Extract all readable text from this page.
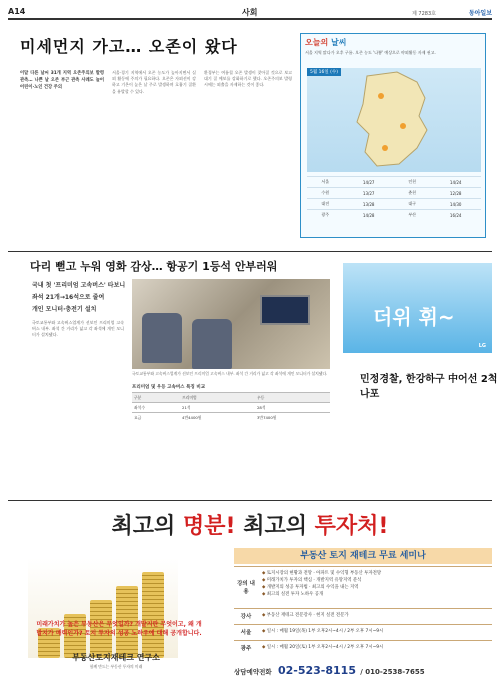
A14	사회	제 7283호	동아일보
미세먼지 가고… 오존이 왔다
이달 다른 날씨 31개 지역 오존주의보 발령 관측… 나쁜 날 오존 부근 관측 사례도 늘어 어린이·노인 건강 주의
서울·경기 지역에서 오존 농도가 높아지면서 실외 활동에 주의가 필요하다. 오존은 자외선이 강하고 기온이 높은 날 주로 발생하며 호흡기 질환을 유발할 수 있다.
환경부는 여름철 오존 발생이 잦아질 것으로 보고 대기 질 예보를 강화하기로 했다. 오존주의보 발령 시에는 외출을 자제하는 것이 좋다.
오늘의 날씨
서울 지역 맑다가 오후 구름. 오존 농도 '나쁨' 예상으로 야외활동 자제 권고.
5월 16일 (수)
서울	14/27	인천	14/24
수원	13/27	춘천	12/28
대전	13/28	대구	14/30
광주	14/28	부산	16/24
다리 뻗고 누워 영화 감상… 항공기 1등석 안부러워
국내 첫 '프리미엄 고속버스' 타보니
좌석 21개→16석으로 줄여
개인 모니터·충전기 설치
국토교통부와 고속버스업계가 선보인 프리미엄 고속버스 내부. 좌석 간 거리가 넓고 각 좌석에 개인 모니터가 설치됐다.
국토교통부와 고속버스업계가 선보인 프리미엄 고속버스 내부. 좌석 간 거리가 넓고 각 좌석에 개인 모니터가 설치됐다.
프리미엄 및 우등 고속버스 특징 비교
구분	프리미엄	우등
좌석수	21석	28석
요금	4만4400원	3만7400원
더위 휘~
LG
민정경찰, 한강하구 中어선 2척 나포
최고의
명분!
최고의
투자처!
미래가치가 높은 부동산은 무엇일까? 개발지란 무엇이고, 왜 개발지가 매력인가? 토지 투자의 성공 노하우에 대해 공개합니다.
부동산토지재테크 연구소
함께 만드는 부동산 투자의 미래
부동산 토지 재테크 무료 세미나
강의 내용
◆ 토지시장의 현황과 전망 · 아파트 및 수익형 부동산 투자전망
◆ 미래가치가 투자의 핵심 · 개발지역 유망지역 분석
◆ 개발지의 성공 투자법 · 최고의 수익을 내는 지역
◆ 최고의 실전 투자 노하우 공개
강사	◆ 부동산 재테크 전문강사 · 현지 실전 전문가
서울	◆ 일시 : 매월 19일(목) 1부 오후2시~4시 / 2부 오후 7시~9시
광주	◆ 일시 : 매월 20일(토) 1부 오후2시~4시 / 2부 오후 7시~9시
상담예약전화 02-523-8115 / 010-2538-7655
